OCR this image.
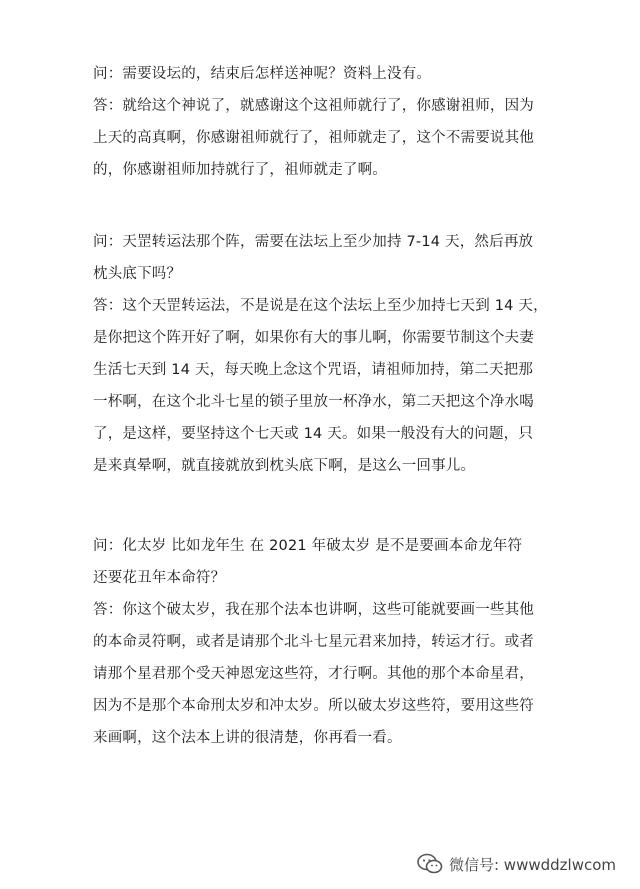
问：需要设坛的，结束后怎样送神呢？资料上没有。
答：就给这个神说了，就感谢这个这祖师就行了，你感谢祖师，因为
上天的高真啊，你感谢祖师就行了，祖师就走了，这个不需要说其他
的，你感谢祖师加持就行了，祖师就走了啊。
问：天罡转运法那个阵，需要在法坛上至少加持 7-14 天，然后再放
枕头底下吗？
答：这个天罡转运法，不是说是在这个法坛上至少加持七天到 14 天，
是你把这个阵开好了啊，如果你有大的事儿啊，你需要节制这个夫妻
生活七天到 14 天，每天晚上念这个咒语，请祖师加持，第二天把那
一杯啊，在这个北斗七星的锁子里放一杯净水，第二天把这个净水喝
了，是这样，要坚持这个七天或 14 天。如果一般没有大的问题，只
是来真晕啊，就直接就放到枕头底下啊，是这么一回事儿。
问：化太岁 比如龙年生 在 2021 年破太岁 是不是要画本命龙年符
还要花丑年本命符？
答：你这个破太岁，我在那个法本也讲啊，这些可能就要画一些其他
的本命灵符啊，或者是请那个北斗七星元君来加持，转运才行。或者
请那个星君那个受天神恩宠这些符，才行啊。其他的那个本命星君，
因为不是那个本命刑太岁和冲太岁。所以破太岁这些符，要用这些符
来画啊，这个法本上讲的很清楚，你再看一看。
微信号: wwwddzlwcom
